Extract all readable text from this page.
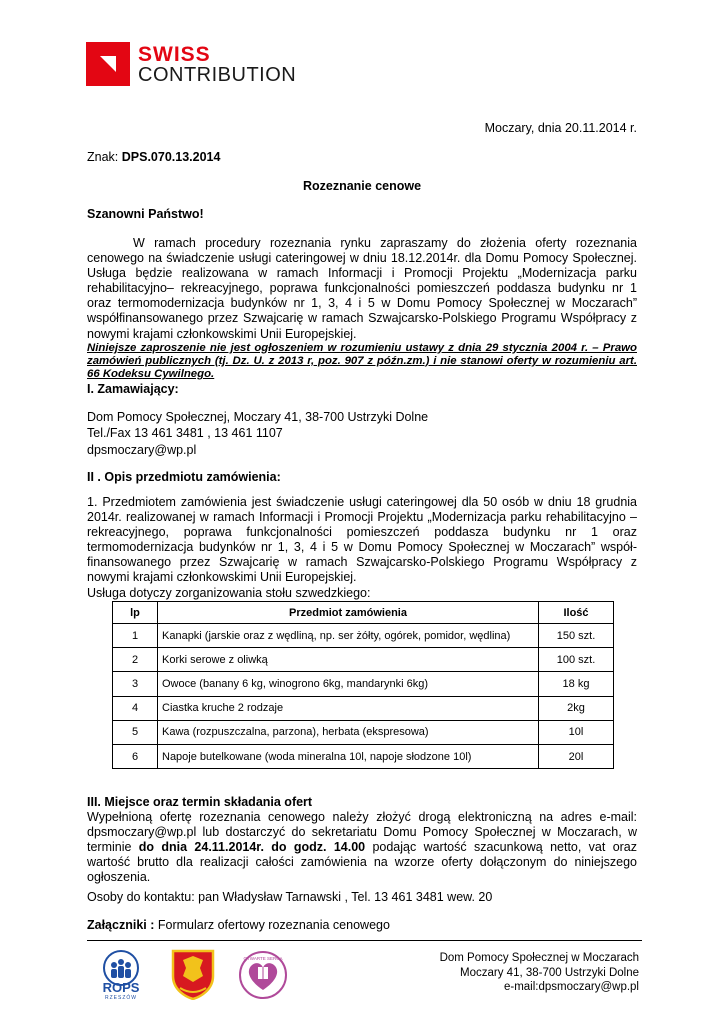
SWISS
CONTRIBUTION
Moczary, dnia 20.11.2014 r.
Znak: DPS.070.13.2014
Rozeznanie cenowe
Szanowni Państwo!
W ramach procedury rozeznania rynku zapraszamy do złożenia oferty rozeznania cenowego na świadczenie usługi cateringowej w dniu 18.12.2014r. dla Domu Pomocy Społecznej. Usługa będzie realizowana w ramach Informacji i Promocji Projektu „Modernizacja parku rehabilitacyjno– rekreacyjnego, poprawa funkcjonalności pomieszczeń poddasza budynku nr 1 oraz termomodernizacja budynków nr 1, 3, 4 i 5 w Domu Pomocy Społecznej w Moczarach” współfinansowanego przez Szwajcarię w ramach Szwajcarsko-Polskiego Programu Współpracy z nowymi krajami członkowskimi Unii Europejskiej.
Niniejsze zaproszenie nie jest ogłoszeniem w rozumieniu ustawy z dnia 29 stycznia 2004 r. – Prawo zamówień publicznych (tj. Dz. U. z 2013 r, poz. 907 z późn.zm.) i nie stanowi oferty w rozumieniu art. 66 Kodeksu Cywilnego.
I. Zamawiający:
Dom Pomocy Społecznej, Moczary 41, 38-700 Ustrzyki Dolne
Tel./Fax 13 461 3481 , 13 461 1107
dpsmoczary@wp.pl
II . Opis przedmiotu zamówienia:
1. Przedmiotem zamówienia jest świadczenie usługi cateringowej dla 50 osób w dniu 18 grudnia 2014r. realizowanej w ramach Informacji i Promocji Projektu „Modernizacja parku rehabilitacyjno – rekreacyjnego, poprawa funkcjonalności pomieszczeń poddasza budynku nr 1 oraz termomodernizacja budynków nr 1, 3, 4 i 5 w Domu Pomocy Społecznej w Moczarach” współ-finansowanego przez Szwajcarię w ramach Szwajcarsko-Polskiego Programu Współpracy z nowymi krajami członkowskimi Unii Europejskiej.
Usługa dotyczy zorganizowania stołu szwedzkiego:
lp	Przedmiot zamówienia	Ilość
1	Kanapki (jarskie oraz z wędliną, np. ser żółty, ogórek, pomidor, wędlina)	150 szt.
2	Korki serowe z oliwką	100 szt.
3	Owoce (banany 6 kg, winogrono 6kg, mandarynki 6kg)	18 kg
4	Ciastka kruche 2 rodzaje	2kg
5	Kawa (rozpuszczalna, parzona), herbata (ekspresowa)	10l
6	Napoje butelkowane (woda mineralna 10l, napoje słodzone 10l)	20l
III. Miejsce oraz termin składania ofert
Wypełnioną ofertę rozeznania cenowego należy złożyć drogą elektroniczną na adres e-mail: dpsmoczary@wp.pl lub dostarczyć do sekretariatu Domu Pomocy Społecznej w Moczarach, w terminie do dnia 24.11.2014r. do godz. 14.00 podając wartość szacunkową netto, vat oraz wartość brutto dla realizacji całości zamówienia na wzorze oferty dołączonym do niniejszego ogłoszenia.
Osoby do kontaktu: pan Władysław Tarnawski , Tel. 13 461 3481 wew. 20
Załączniki : Formularz ofertowy rozeznania cenowego
ROPS
RZESZÓW
OTWARTE SERCA	Dom Pomocy Społecznej w Moczarach
Moczary 41, 38-700 Ustrzyki Dolne
e-mail:dpsmoczary@wp.pl
